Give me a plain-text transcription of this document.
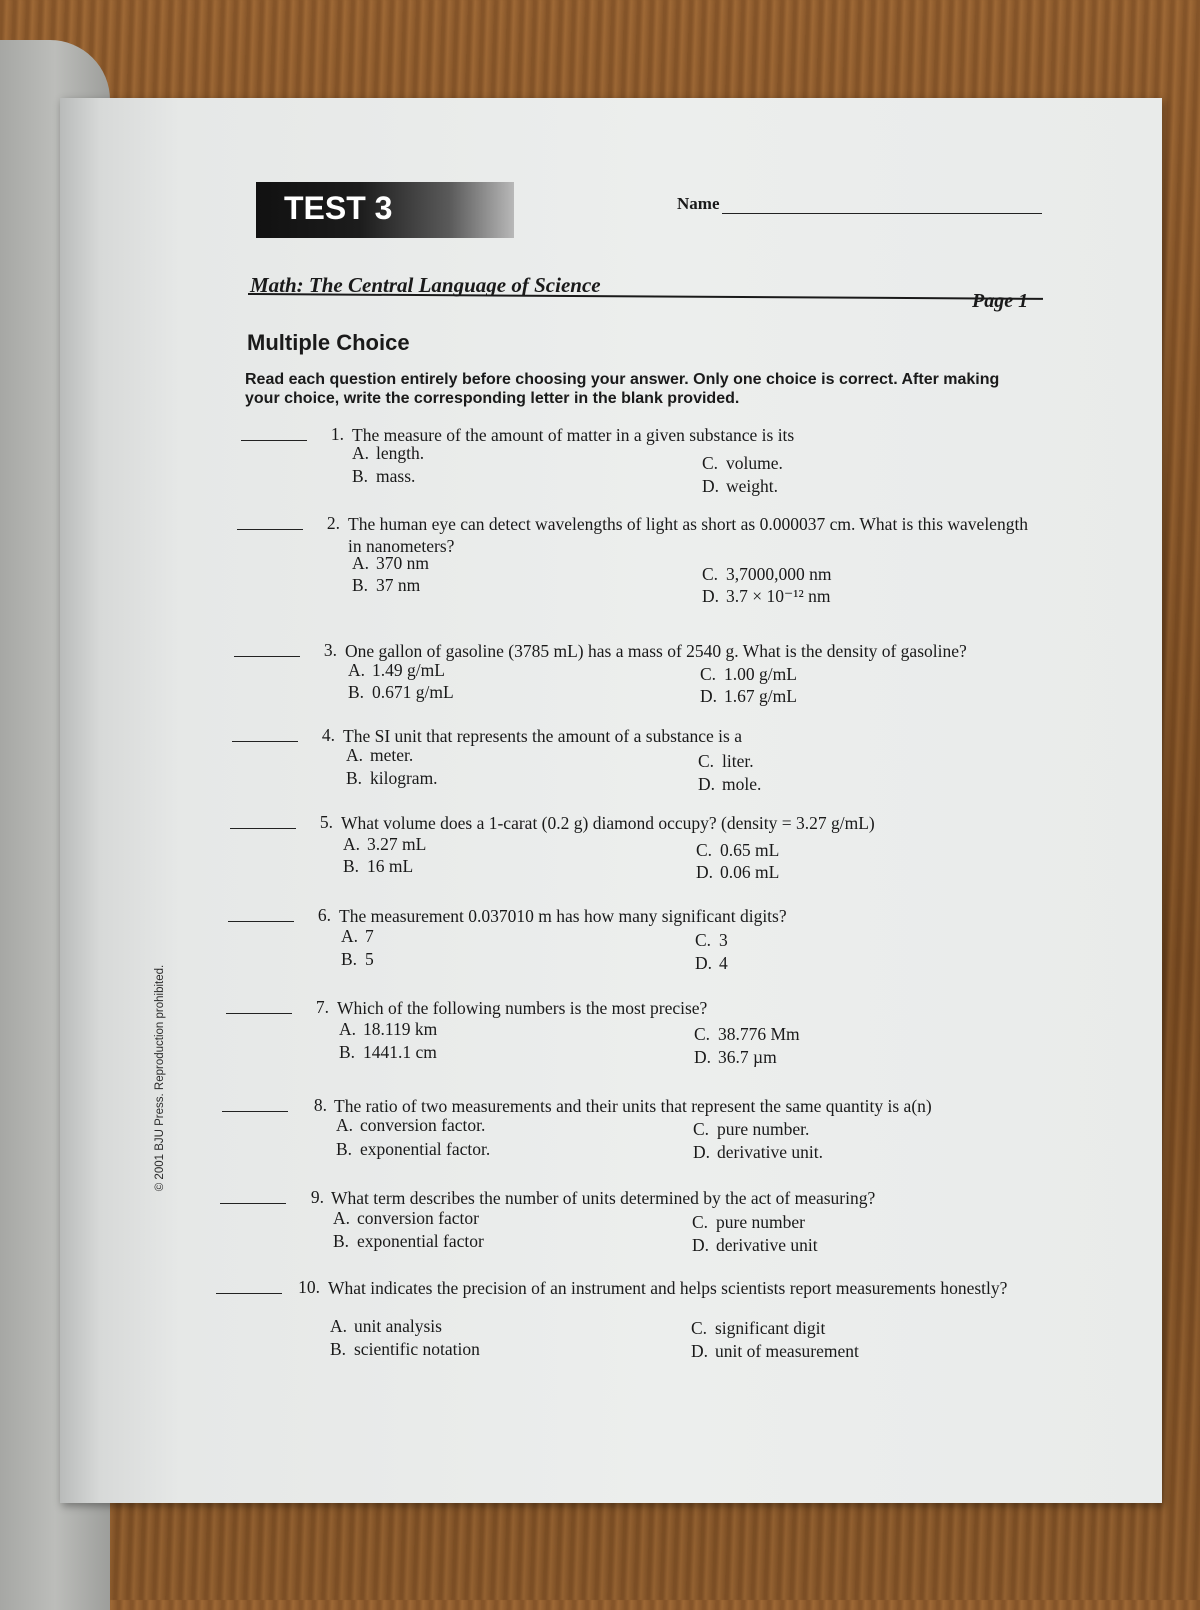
© 2001 BJU Press. Reproduction prohibited.
TEST 3	Name
Math: The Central Language of Science
Page 1
Multiple Choice
Read each question entirely before choosing your answer. Only one choice is correct. After making your choice, write the corresponding letter in the blank provided.
1. The measure of the amount of matter in a given substance is its
A. length.
B. mass.
C. volume.
D. weight.
2. The human eye can detect wavelengths of light as short as 0.000037 cm. What is this wavelength in nanometers?
A. 370 nm
B. 37 nm
C. 3,7000,000 nm
D. 3.7 × 10⁻¹² nm
3. One gallon of gasoline (3785 mL) has a mass of 2540 g. What is the density of gasoline?
A. 1.49 g/mL
B. 0.671 g/mL
C. 1.00 g/mL
D. 1.67 g/mL
4. The SI unit that represents the amount of a substance is a
A. meter.
B. kilogram.
C. liter.
D. mole.
5. What volume does a 1-carat (0.2 g) diamond occupy? (density = 3.27 g/mL)
A. 3.27 mL
B. 16 mL
C. 0.65 mL
D. 0.06 mL
6. The measurement 0.037010 m has how many significant digits?
A. 7
B. 5
C. 3
D. 4
7. Which of the following numbers is the most precise?
A. 18.119 km
B. 1441.1 cm
C. 38.776 Mm
D. 36.7 µm
8. The ratio of two measurements and their units that represent the same quantity is a(n)
A. conversion factor.
B. exponential factor.
C. pure number.
D. derivative unit.
9. What term describes the number of units determined by the act of measuring?
A. conversion factor
B. exponential factor
C. pure number
D. derivative unit
10. What indicates the precision of an instrument and helps scientists report measurements honestly?
A. unit analysis
B. scientific notation
C. significant digit
D. unit of measurement
